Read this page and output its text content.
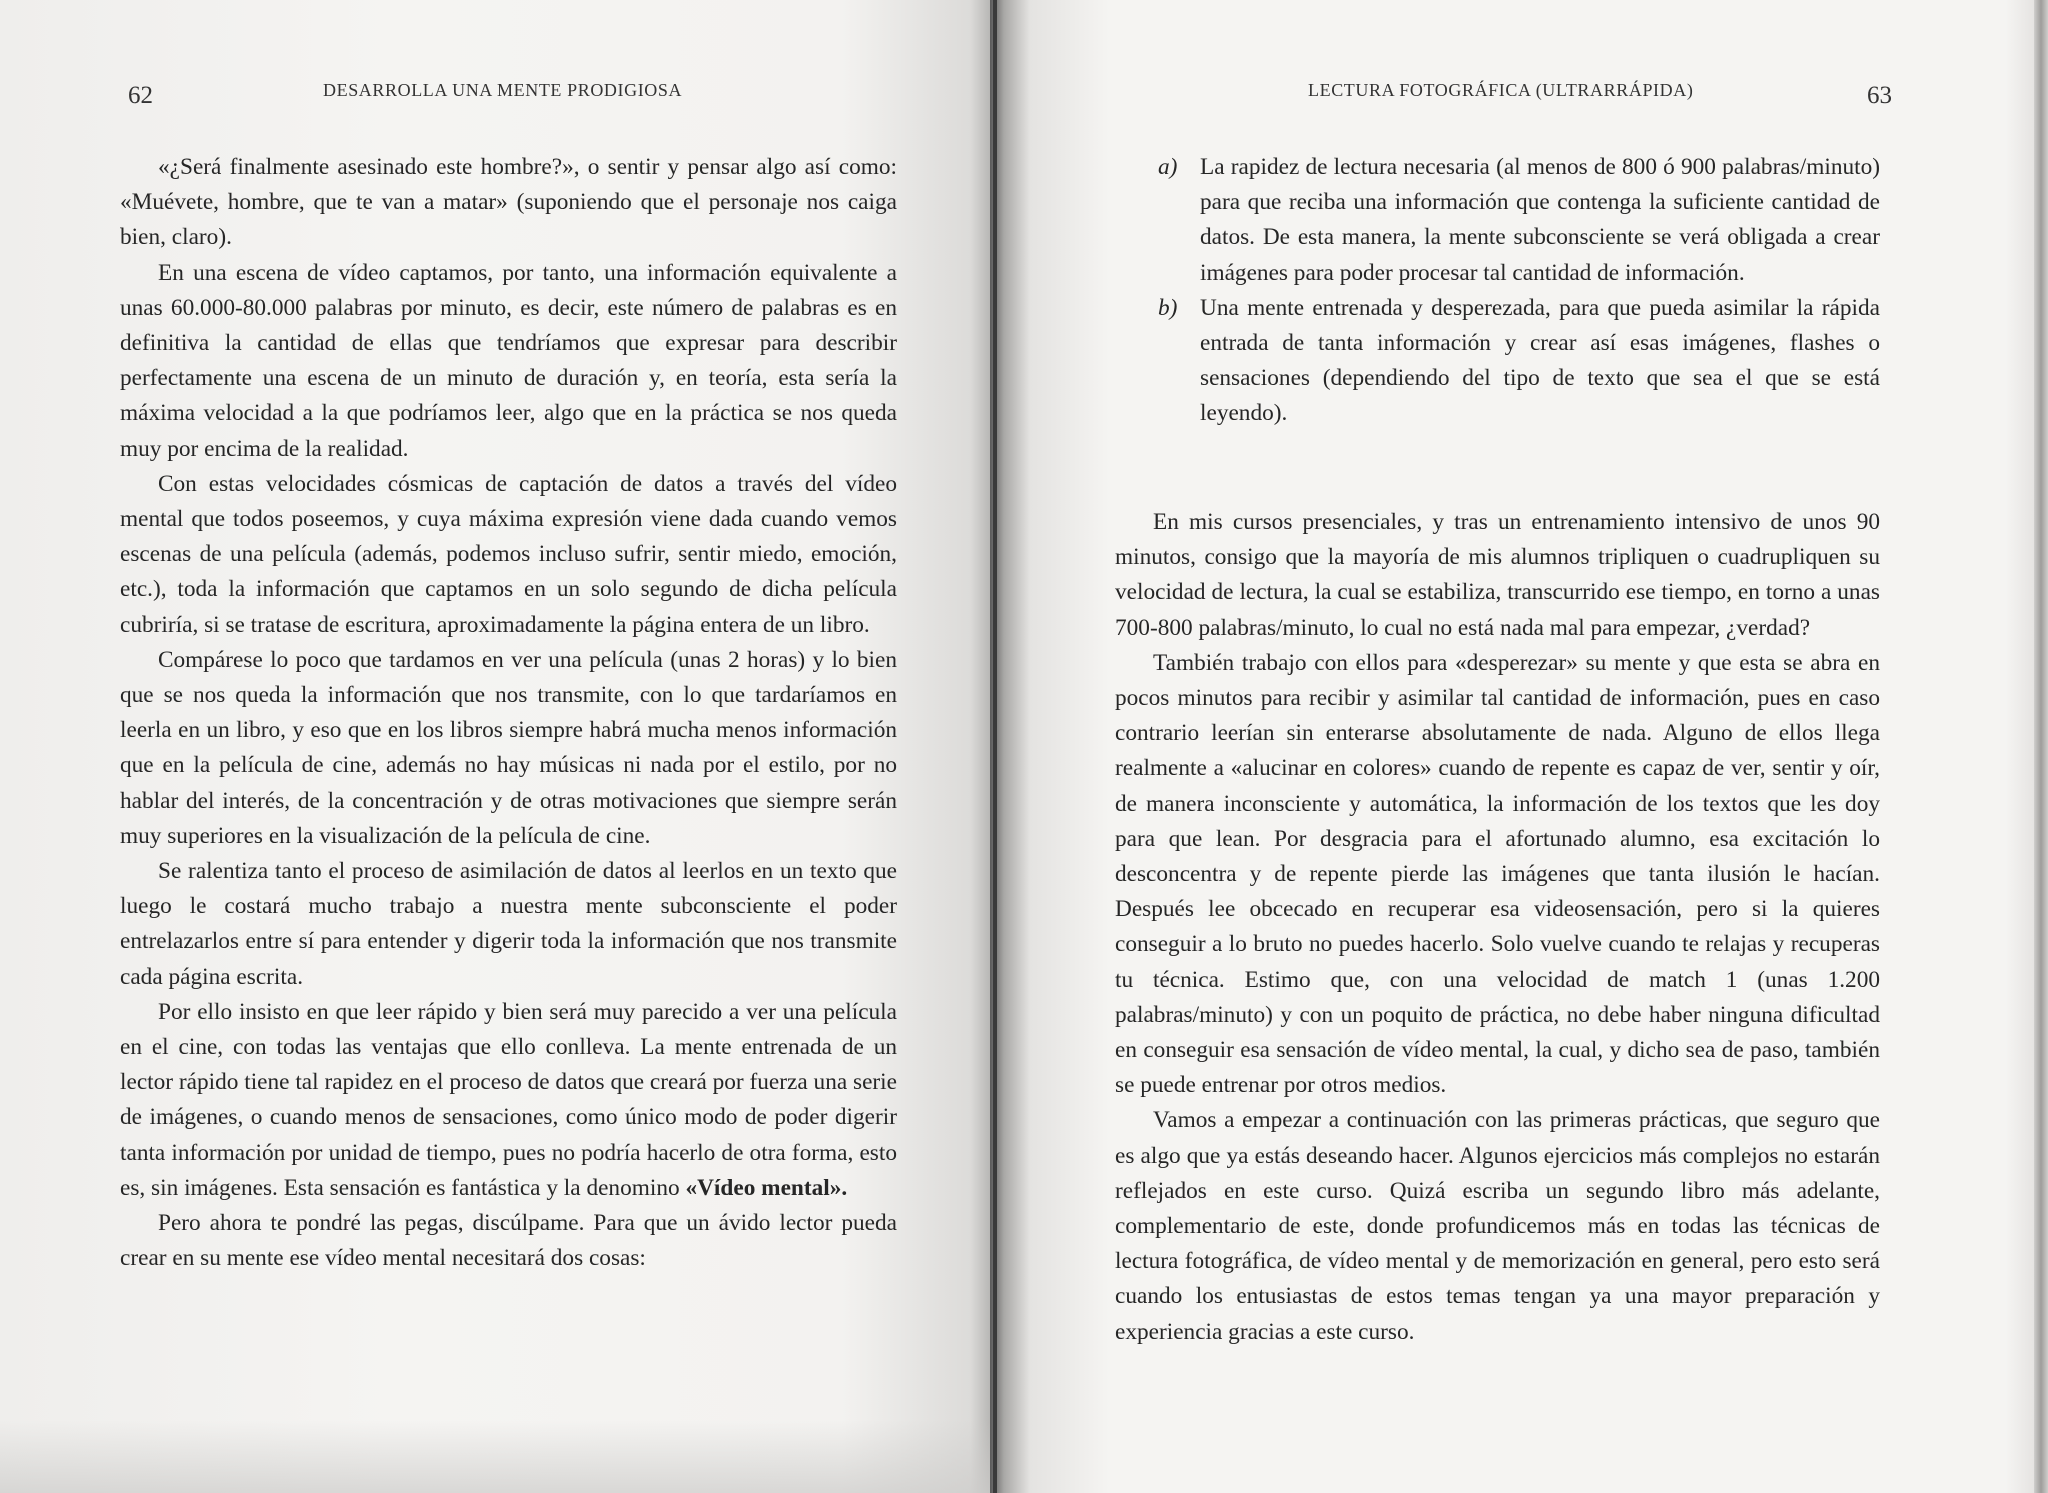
62	DESARROLLA UNA MENTE PRODIGIOSA

«¿Será finalmente asesinado este hombre?», o sentir y pensar algo así como: «Muévete, hombre, que te van a matar» (suponiendo que el personaje nos caiga bien, claro).

En una escena de vídeo captamos, por tanto, una información equivalente a unas 60.000-80.000 palabras por minuto, es decir, este número de palabras es en definitiva la cantidad de ellas que tendríamos que expresar para describir perfectamente una escena de un minuto de duración y, en teoría, esta sería la máxima velocidad a la que podríamos leer, algo que en la práctica se nos queda muy por encima de la realidad.

Con estas velocidades cósmicas de captación de datos a través del vídeo mental que todos poseemos, y cuya máxima expresión viene dada cuando vemos escenas de una película (además, podemos incluso sufrir, sentir miedo, emoción, etc.), toda la información que captamos en un solo segundo de dicha película cubriría, si se tratase de escritura, aproximadamente la página entera de un libro.

Compárese lo poco que tardamos en ver una película (unas 2 horas) y lo bien que se nos queda la información que nos transmite, con lo que tardaríamos en leerla en un libro, y eso que en los libros siempre habrá mucha menos información que en la película de cine, además no hay músicas ni nada por el estilo, por no hablar del interés, de la concentración y de otras motivaciones que siempre serán muy superiores en la visualización de la película de cine.

Se ralentiza tanto el proceso de asimilación de datos al leerlos en un texto que luego le costará mucho trabajo a nuestra mente subconsciente el poder entrelazarlos entre sí para entender y digerir toda la información que nos transmite cada página escrita.

Por ello insisto en que leer rápido y bien será muy parecido a ver una película en el cine, con todas las ventajas que ello conlleva. La mente entrenada de un lector rápido tiene tal rapidez en el proceso de datos que creará por fuerza una serie de imágenes, o cuando menos de sensaciones, como único modo de poder digerir tanta información por unidad de tiempo, pues no podría hacerlo de otra forma, esto es, sin imágenes. Esta sensación es fantástica y la denomino «Vídeo mental».

Pero ahora te pondré las pegas, discúlpame. Para que un ávido lector pueda crear en su mente ese vídeo mental necesitará dos cosas:

LECTURA FOTOGRÁFICA (ULTRARRÁPIDA)	63
a) La rapidez de lectura necesaria (al menos de 800 ó 900 palabras/minuto) para que reciba una información que contenga la suficiente cantidad de datos. De esta manera, la mente subconsciente se verá obligada a crear imágenes para poder procesar tal cantidad de información.

b) Una mente entrenada y desperezada, para que pueda asimilar la rápida entrada de tanta información y crear así esas imágenes, flashes o sensaciones (dependiendo del tipo de texto que sea el que se está leyendo).

En mis cursos presenciales, y tras un entrenamiento intensivo de unos 90 minutos, consigo que la mayoría de mis alumnos tripliquen o cuadrupliquen su velocidad de lectura, la cual se estabiliza, transcurrido ese tiempo, en torno a unas 700-800 palabras/minuto, lo cual no está nada mal para empezar, ¿verdad?

También trabajo con ellos para «desperezar» su mente y que esta se abra en pocos minutos para recibir y asimilar tal cantidad de información, pues en caso contrario leerían sin enterarse absolutamente de nada. Alguno de ellos llega realmente a «alucinar en colores» cuando de repente es capaz de ver, sentir y oír, de manera inconsciente y automática, la información de los textos que les doy para que lean. Por desgracia para el afortunado alumno, esa excitación lo desconcentra y de repente pierde las imágenes que tanta ilusión le hacían. Después lee obcecado en recuperar esa videosensación, pero si la quieres conseguir a lo bruto no puedes hacerlo. Solo vuelve cuando te relajas y recuperas tu técnica. Estimo que, con una velocidad de match 1 (unas 1.200 palabras/minuto) y con un poquito de práctica, no debe haber ninguna dificultad en conseguir esa sensación de vídeo mental, la cual, y dicho sea de paso, también se puede entrenar por otros medios.

Vamos a empezar a continuación con las primeras prácticas, que seguro que es algo que ya estás deseando hacer. Algunos ejercicios más complejos no estarán reflejados en este curso. Quizá escriba un segundo libro más adelante, complementario de este, donde profundicemos más en todas las técnicas de lectura fotográfica, de vídeo mental y de memorización en general, pero esto será cuando los entusiastas de estos temas tengan ya una mayor preparación y experiencia gracias a este curso.
